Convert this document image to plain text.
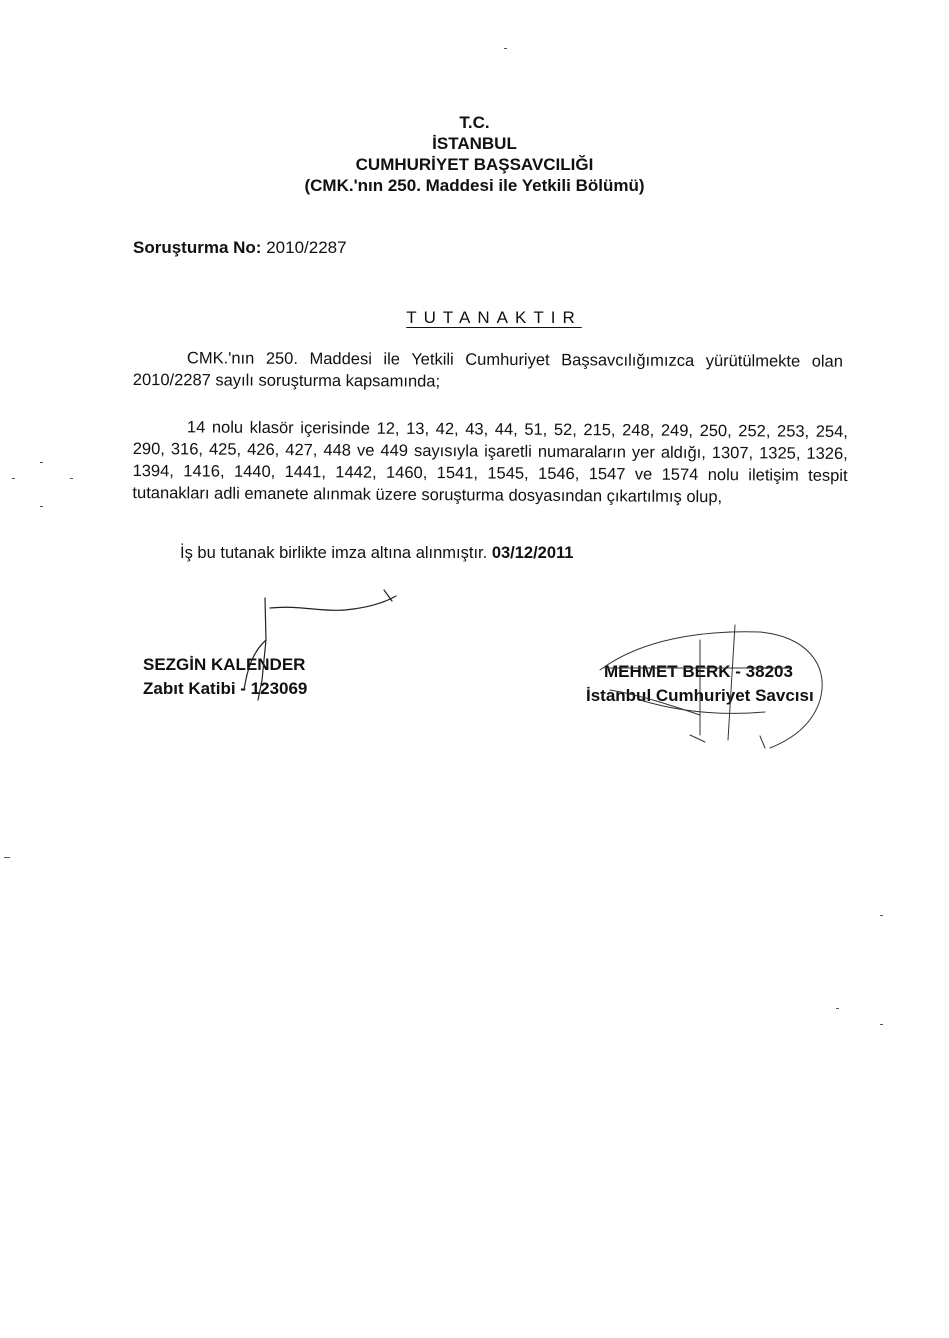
T.C.
İSTANBUL
CUMHURİYET BAŞSAVCILIĞI
(CMK.'nın 250. Maddesi ile Yetkili Bölümü)
Soruşturma No: 2010/2287
TUTANAKTIR
CMK.'nın 250. Maddesi ile Yetkili Cumhuriyet Başsavcılığımızca yürütülmekte olan 2010/2287 sayılı soruşturma kapsamında;
14 nolu klasör içerisinde 12, 13, 42, 43, 44, 51, 52, 215, 248, 249, 250, 252, 253, 254, 290, 316, 425, 426, 427, 448 ve 449 sayısıyla işaretli numaraların yer aldığı, 1307, 1325, 1326, 1394, 1416, 1440, 1441, 1442, 1460, 1541, 1545, 1546, 1547 ve 1574 nolu iletişim tespit tutanakları adli emanete alınmak üzere soruşturma dosyasından çıkartılmış olup,
İş bu tutanak birlikte imza altına alınmıştır. 03/12/2011
SEZGİN KALENDER
Zabıt Katibi - 123069
MEHMET BERK - 38203
İstanbul Cumhuriyet Savcısı
